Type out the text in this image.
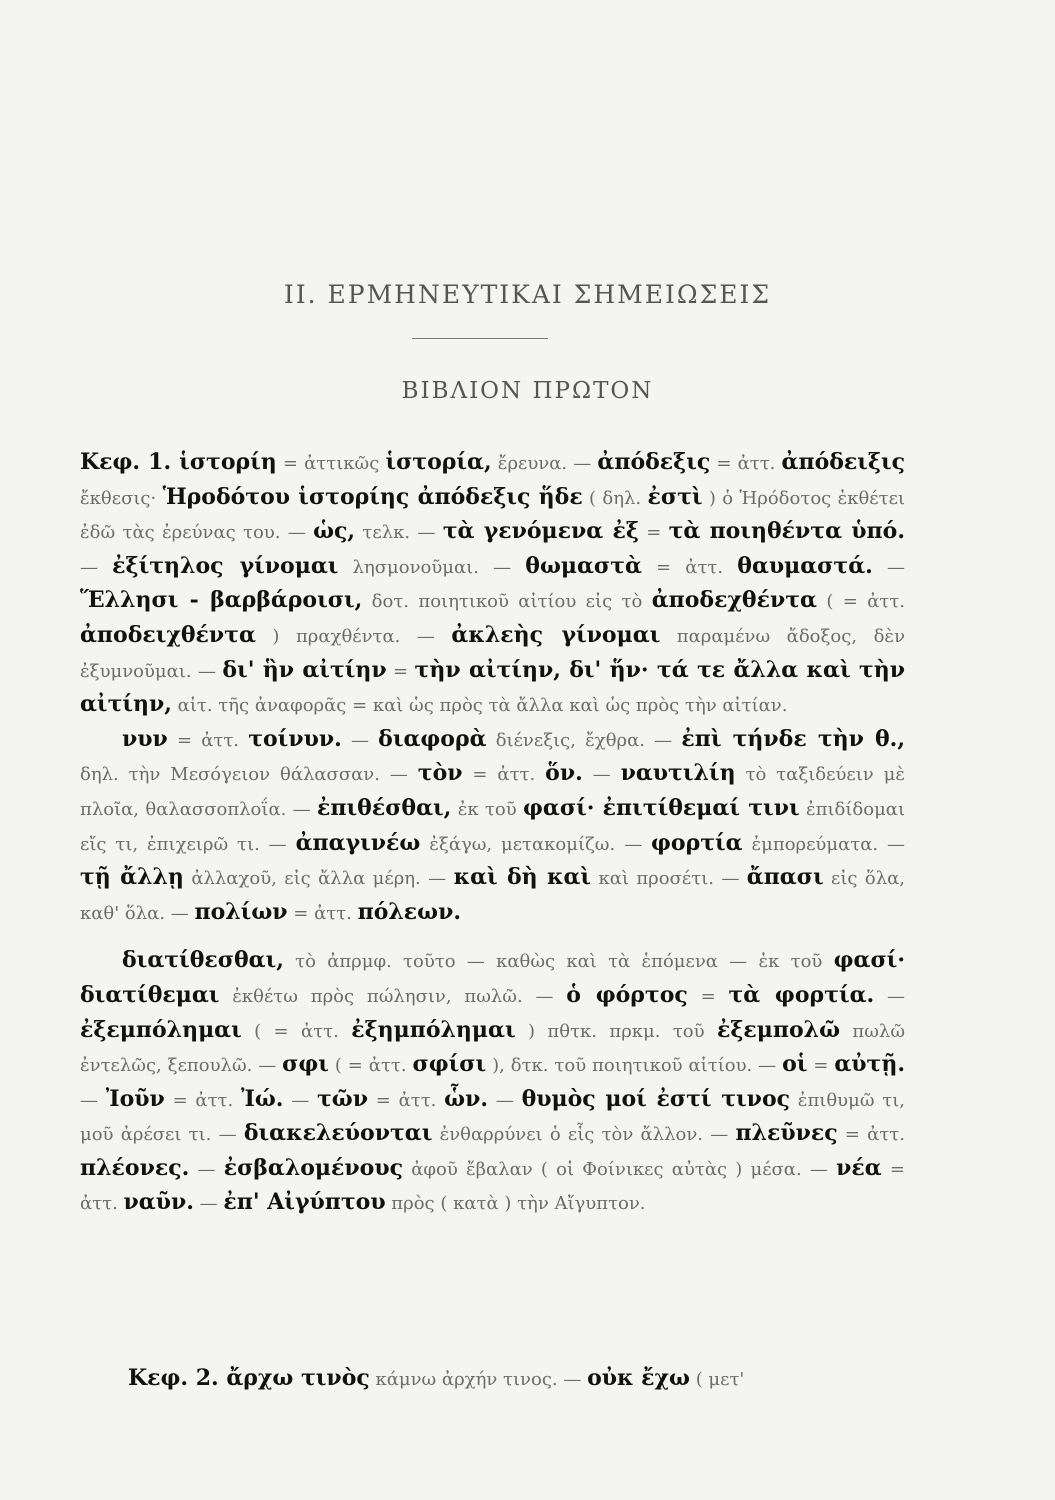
II. ΕΡΜΗΝΕΥΤΙΚΑΙ ΣΗΜΕΙΩΣΕΙΣ
ΒΙΒΛΙΟΝ ΠΡΩΤΟΝ

Κεφ. 1. ἱστορίη = ἀττικῶς ἱστορία, ἔρευνα. — ἀπόδεξις = ἀττ. ἀπόδειξις ἔκθεσις· Ἡροδότου ἱστορίης ἀπόδεξις ἥδε ( δηλ. ἐστὶ ) ὁ Ἡρόδοτος ἐκθέτει ἐδῶ τὰς ἐρεύνας του. — ὡς, τελκ. — τὰ γενόμενα ἐξ = τὰ ποιηθέντα ὑπό. — ἐξίτηλος γίνομαι λησμονοῦμαι. — θωμαστὰ = ἀττ. θαυμαστά. — Ἕλλησι - βαρβάροισι, δοτ. ποιητικοῦ αἰτίου εἰς τὸ ἀποδεχθέντα ( = ἀττ. ἀποδειχθέντα ) πραχθέντα. — ἀκλεὴς γίνομαι παραμένω ἄδοξος, δὲν ἐξυμνοῦμαι. — δι' ἣν αἰτίην = τὴν αἰτίην, δι' ἥν· τά τε ἄλλα καὶ τὴν αἰτίην, αἰτ. τῆς ἀναφορᾶς = καὶ ὡς πρὸς τὰ ἄλλα καὶ ὡς πρὸς τὴν αἰτίαν.

νυν = ἀττ. τοίνυν. — διαφορὰ διένεξις, ἔχθρα. — ἐπὶ τήνδε τὴν θ., δηλ. τὴν Μεσόγειον θάλασσαν. — τὸν = ἀττ. ὅν. — ναυτιλίη τὸ ταξιδεύειν μὲ πλοῖα, θαλασσοπλοΐα. — ἐπιθέσθαι, ἐκ τοῦ φασί· ἐπιτίθεμαί τινι ἐπιδίδομαι εἴς τι, ἐπιχειρῶ τι. — ἀπαγινέω ἐξάγω, μετακομίζω. — φορτία ἐμπορεύματα. — τῇ ἄλλῃ ἀλλαχοῦ, εἰς ἄλλα μέρη. — καὶ δὴ καὶ καὶ προσέτι. — ἄπασι εἰς ὅλα, καθ' ὅλα. — πολίων = ἀττ. πόλεων.

διατίθεσθαι, τὸ ἀπρμφ. τοῦτο — καθὼς καὶ τὰ ἑπόμενα — ἐκ τοῦ φασί· διατίθεμαι ἐκθέτω πρὸς πώλησιν, πωλῶ. — ὁ φόρτος = τὰ φορτία. — ἐξεμπόλημαι ( = ἀττ. ἐξημπόλημαι ) πθτκ. πρκμ. τοῦ ἐξεμπολῶ πωλῶ ἐντελῶς, ξεπουλῶ. — σφι ( = ἀττ. σφίσι ), δτκ. τοῦ ποιητικοῦ αἰτίου. — οἱ = αὐτῇ. — Ἰοῦν = ἀττ. Ἰώ. — τῶν = ἀττ. ὧν. — θυμὸς μοί ἐστί τινος ἐπιθυμῶ τι, μοῦ ἀρέσει τι. — διακελεύονται ἐνθαρρύνει ὁ εἷς τὸν ἄλλον. — πλεῦνες = ἀττ. πλέονες. — ἐσβαλομένους ἀφοῦ ἔβαλαν ( οἱ Φοίνικες αὐτὰς ) μέσα. — νέα = ἀττ. ναῦν. — ἐπ' Αἰγύπτου πρὸς ( κατὰ ) τὴν Αἴγυπτον.

Κεφ. 2. ἄρχω τινὸς κάμνω ἀρχήν τινος. — οὐκ ἔχω ( μετ'
